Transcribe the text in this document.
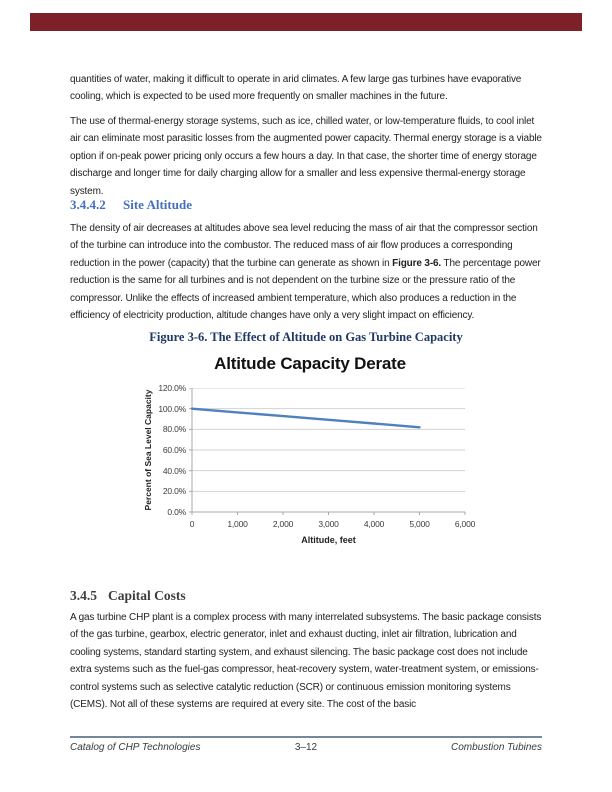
quantities of water, making it difficult to operate in arid climates. A few large gas turbines have evaporative cooling, which is expected to be used more frequently on smaller machines in the future.

The use of thermal-energy storage systems, such as ice, chilled water, or low-temperature fluids, to cool inlet air can eliminate most parasitic losses from the augmented power capacity. Thermal energy storage is a viable option if on-peak power pricing only occurs a few hours a day. In that case, the shorter time of energy storage discharge and longer time for daily charging allow for a smaller and less expensive thermal-energy storage system.

3.4.4.2 Site Altitude

The density of air decreases at altitudes above sea level reducing the mass of air that the compressor section of the turbine can introduce into the combustor. The reduced mass of air flow produces a corresponding reduction in the power (capacity) that the turbine can generate as shown in Figure 3-6. The percentage power reduction is the same for all turbines and is not dependent on the turbine size or the pressure ratio of the compressor. Unlike the effects of increased ambient temperature, which also produces a reduction in the efficiency of electricity production, altitude changes have only a very slight impact on efficiency.

Figure 3-6. The Effect of Altitude on Gas Turbine Capacity
Altitude Capacity Derate
Percent of Sea Level Capacity
Altitude, feet
3.4.5 Capital Costs

A gas turbine CHP plant is a complex process with many interrelated subsystems. The basic package consists of the gas turbine, gearbox, electric generator, inlet and exhaust ducting, inlet air filtration, lubrication and cooling systems, standard starting system, and exhaust silencing. The basic package cost does not include extra systems such as the fuel-gas compressor, heat-recovery system, water-treatment system, or emissions-control systems such as selective catalytic reduction (SCR) or continuous emission monitoring systems (CEMS). Not all of these systems are required at every site. The cost of the basic

Catalog of CHP Technologies	3–12	Combustion Tubines
0.0%
20.0%
40.0%
60.0%
80.0%
100.0%
120.0%
0	1,000	2,000	3,000	4,000	5,000	6,000
